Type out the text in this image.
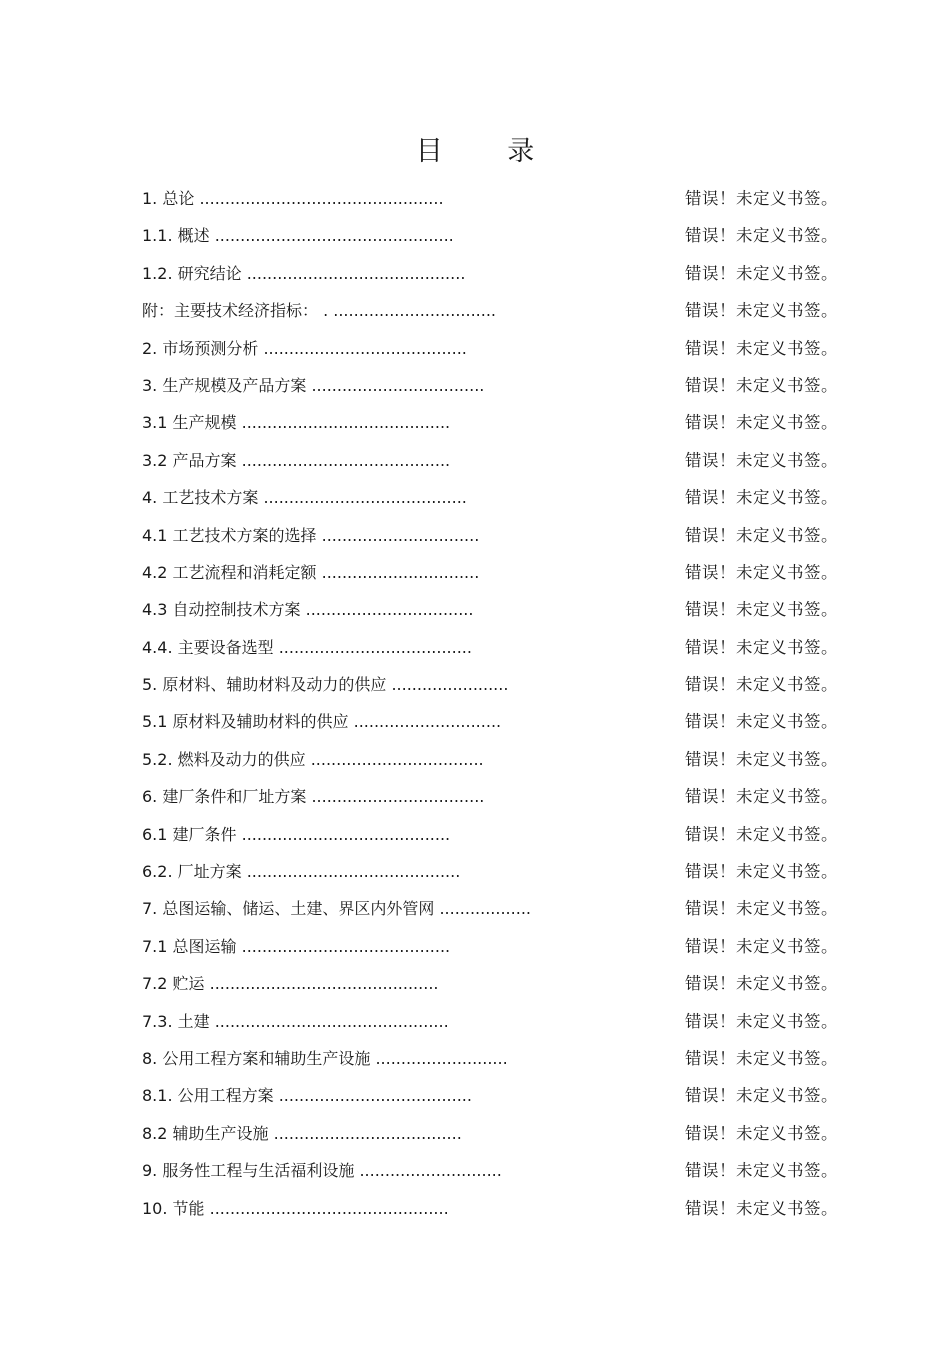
目 录
1. 总论 ................................................	错误！未定义书签。
1.1. 概述 ...............................................	错误！未定义书签。
1.2. 研究结论 ...........................................	错误！未定义书签。
附：主要技术经济指标： . ................................	错误！未定义书签。
2. 市场预测分析 ........................................	错误！未定义书签。
3. 生产规模及产品方案 ..................................	错误！未定义书签。
3.1 生产规模 .........................................	错误！未定义书签。
3.2 产品方案 .........................................	错误！未定义书签。
4. 工艺技术方案 ........................................	错误！未定义书签。
4.1 工艺技术方案的选择 ...............................	错误！未定义书签。
4.2 工艺流程和消耗定额 ...............................	错误！未定义书签。
4.3 自动控制技术方案 .................................	错误！未定义书签。
4.4. 主要设备选型 ......................................	错误！未定义书签。
5. 原材料、辅助材料及动力的供应 .......................	错误！未定义书签。
5.1 原材料及辅助材料的供应 .............................	错误！未定义书签。
5.2. 燃料及动力的供应 ..................................	错误！未定义书签。
6. 建厂条件和厂址方案 ..................................	错误！未定义书签。
6.1 建厂条件 .........................................	错误！未定义书签。
6.2. 厂址方案 ..........................................	错误！未定义书签。
7. 总图运输、储运、土建、界区内外管网 ..................	错误！未定义书签。
7.1 总图运输 .........................................	错误！未定义书签。
7.2 贮运 .............................................	错误！未定义书签。
7.3. 土建 ..............................................	错误！未定义书签。
8. 公用工程方案和辅助生产设施 ..........................	错误！未定义书签。
8.1. 公用工程方案 ......................................	错误！未定义书签。
8.2 辅助生产设施 .....................................	错误！未定义书签。
9. 服务性工程与生活福利设施 ............................	错误！未定义书签。
10. 节能 ...............................................	错误！未定义书签。
